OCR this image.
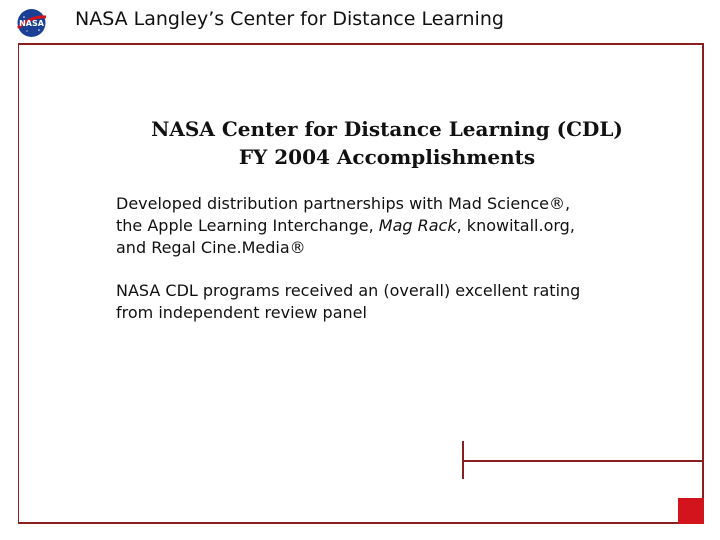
NASA NASA Langley’s Center for Distance Learning
NASA Center for Distance Learning (CDL)
FY 2004 Accomplishments
Developed distribution partnerships with Mad Science®, the Apple Learning Interchange, Mag Rack, knowitall.org, and Regal Cine.Media®
NASA CDL programs received an (overall) excellent rating from independent review panel
